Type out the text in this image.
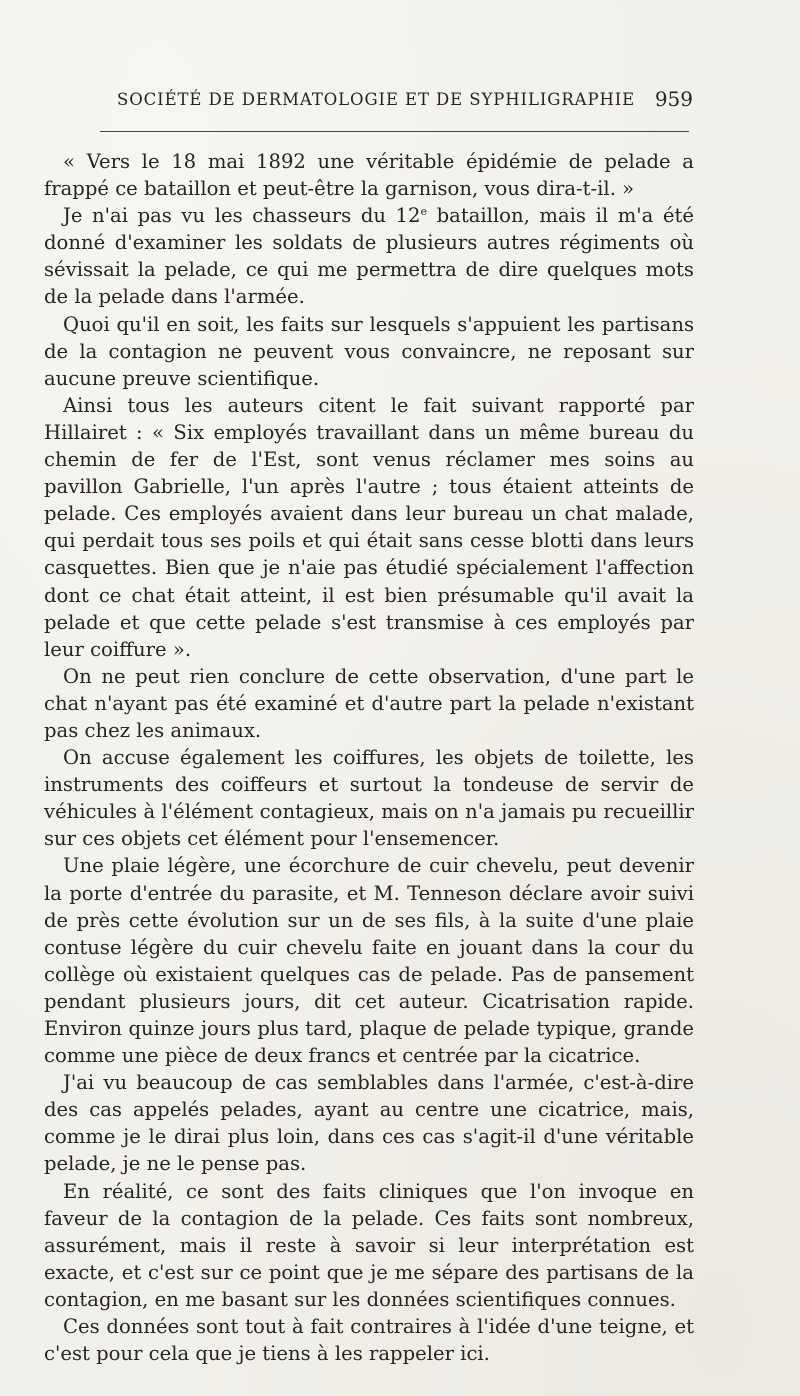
SOCIÉTÉ DE DERMATOLOGIE ET DE SYPHILIGRAPHIE 959

« Vers le 18 mai 1892 une véritable épidémie de pelade a frappé ce bataillon et peut-être la garnison, vous dira-t-il. »

Je n'ai pas vu les chasseurs du 12e bataillon, mais il m'a été donné d'examiner les soldats de plusieurs autres régiments où sévissait la pelade, ce qui me permettra de dire quelques mots de la pelade dans l'armée.

Quoi qu'il en soit, les faits sur lesquels s'appuient les partisans de la contagion ne peuvent vous convaincre, ne reposant sur aucune preuve scientifique.

Ainsi tous les auteurs citent le fait suivant rapporté par Hillairet : « Six employés travaillant dans un même bureau du chemin de fer de l'Est, sont venus réclamer mes soins au pavillon Gabrielle, l'un après l'autre ; tous étaient atteints de pelade. Ces employés avaient dans leur bureau un chat malade, qui perdait tous ses poils et qui était sans cesse blotti dans leurs casquettes. Bien que je n'aie pas étudié spécialement l'affection dont ce chat était atteint, il est bien présumable qu'il avait la pelade et que cette pelade s'est transmise à ces employés par leur coiffure ».

On ne peut rien conclure de cette observation, d'une part le chat n'ayant pas été examiné et d'autre part la pelade n'existant pas chez les animaux.

On accuse également les coiffures, les objets de toilette, les instruments des coiffeurs et surtout la tondeuse de servir de véhicules à l'élément contagieux, mais on n'a jamais pu recueillir sur ces objets cet élément pour l'ensemencer.

Une plaie légère, une écorchure de cuir chevelu, peut devenir la porte d'entrée du parasite, et M. Tenneson déclare avoir suivi de près cette évolution sur un de ses fils, à la suite d'une plaie contuse légère du cuir chevelu faite en jouant dans la cour du collège où existaient quelques cas de pelade. Pas de pansement pendant plusieurs jours, dit cet auteur. Cicatrisation rapide. Environ quinze jours plus tard, plaque de pelade typique, grande comme une pièce de deux francs et centrée par la cicatrice.

J'ai vu beaucoup de cas semblables dans l'armée, c'est-à-dire des cas appelés pelades, ayant au centre une cicatrice, mais, comme je le dirai plus loin, dans ces cas s'agit-il d'une véritable pelade, je ne le pense pas.

En réalité, ce sont des faits cliniques que l'on invoque en faveur de la contagion de la pelade. Ces faits sont nombreux, assurément, mais il reste à savoir si leur interprétation est exacte, et c'est sur ce point que je me sépare des partisans de la contagion, en me basant sur les données scientifiques connues.

Ces données sont tout à fait contraires à l'idée d'une teigne, et c'est pour cela que je tiens à les rappeler ici.
